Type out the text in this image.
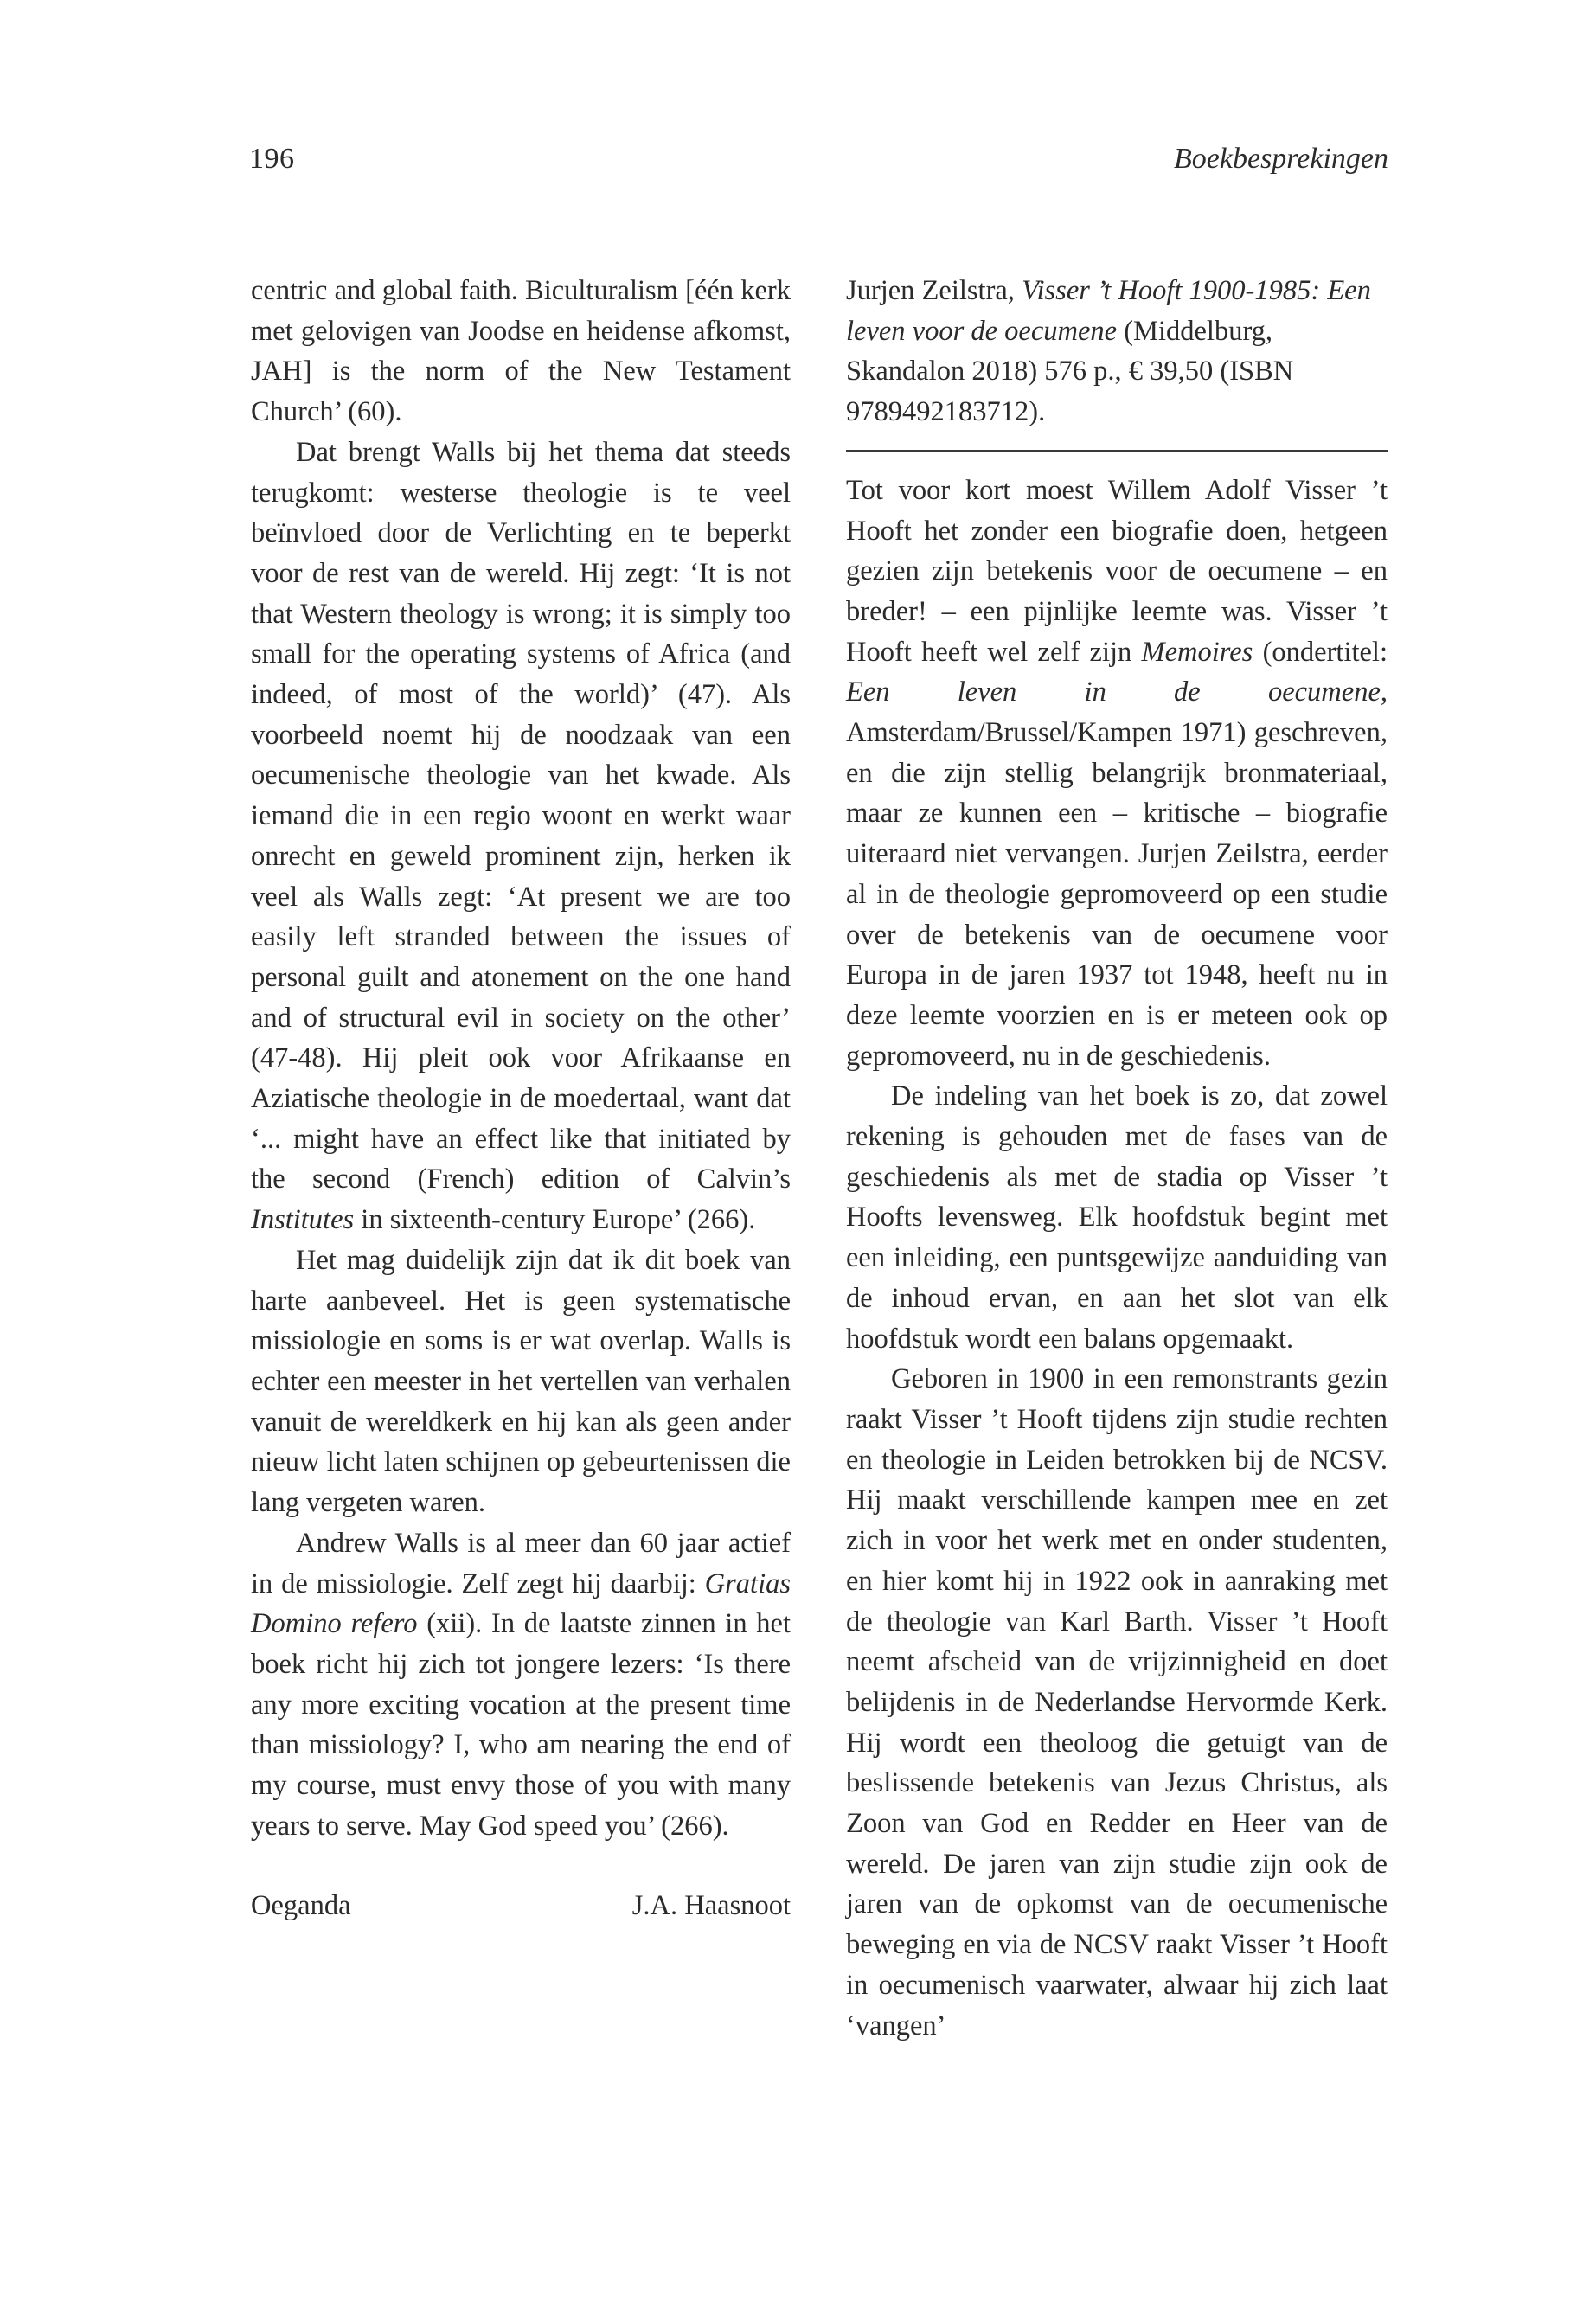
196	Boekbesprekingen

centric and global faith. Biculturalism [één kerk met gelovigen van Joodse en heidense afkomst, JAH] is the norm of the New Testament Church’ (60).

Dat brengt Walls bij het thema dat steeds terugkomt: westerse theologie is te veel beïnvloed door de Verlichting en te beperkt voor de rest van de wereld. Hij zegt: ‘It is not that Western theology is wrong; it is simply too small for the operating systems of Africa (and indeed, of most of the world)’ (47). Als voorbeeld noemt hij de noodzaak van een oecumenische theologie van het kwade. Als iemand die in een regio woont en werkt waar onrecht en geweld prominent zijn, herken ik veel als Walls zegt: ‘At present we are too easily left stranded between the issues of personal guilt and atonement on the one hand and of structural evil in society on the other’ (47-48). Hij pleit ook voor Afrikaanse en Aziatische theologie in de moedertaal, want dat ‘... might have an effect like that initiated by the second (French) edition of Calvin’s Institutes in sixteenth-century Europe’ (266).

Het mag duidelijk zijn dat ik dit boek van harte aanbeveel. Het is geen systematische missiologie en soms is er wat overlap. Walls is echter een meester in het vertellen van verhalen vanuit de wereldkerk en hij kan als geen ander nieuw licht laten schijnen op gebeurtenissen die lang vergeten waren.

Andrew Walls is al meer dan 60 jaar actief in de missiologie. Zelf zegt hij daarbij: Gratias Domino refero (xii). In de laatste zinnen in het boek richt hij zich tot jongere lezers: ‘Is there any more exciting vocation at the present time than missiology? I, who am nearing the end of my course, must envy those of you with many years to serve. May God speed you’ (266).

Oeganda	J.A. Haasnoot

Jurjen Zeilstra, Visser ’t Hooft 1900-1985: Een leven voor de oecumene (Middelburg, Skandalon 2018) 576 p., € 39,50 (ISBN 9789492183712).

Tot voor kort moest Willem Adolf Visser ’t Hooft het zonder een biografie doen, hetgeen gezien zijn betekenis voor de oecumene – en breder! – een pijnlijke leemte was. Visser ’t Hooft heeft wel zelf zijn Memoires (ondertitel: Een leven in de oecumene, Amsterdam/Brussel/Kampen 1971) geschreven, en die zijn stellig belangrijk bronmateriaal, maar ze kunnen een – kritische – biografie uiteraard niet vervangen. Jurjen Zeilstra, eerder al in de theologie gepromoveerd op een studie over de betekenis van de oecumene voor Europa in de jaren 1937 tot 1948, heeft nu in deze leemte voorzien en is er meteen ook op gepromoveerd, nu in de geschiedenis.

De indeling van het boek is zo, dat zowel rekening is gehouden met de fases van de geschiedenis als met de stadia op Visser ’t Hoofts levensweg. Elk hoofdstuk begint met een inleiding, een puntsgewijze aanduiding van de inhoud ervan, en aan het slot van elk hoofdstuk wordt een balans opgemaakt.

Geboren in 1900 in een remonstrants gezin raakt Visser ’t Hooft tijdens zijn studie rechten en theologie in Leiden betrokken bij de NCSV. Hij maakt verschillende kampen mee en zet zich in voor het werk met en onder studenten, en hier komt hij in 1922 ook in aanraking met de theologie van Karl Barth. Visser ’t Hooft neemt afscheid van de vrijzinnigheid en doet belijdenis in de Nederlandse Hervormde Kerk. Hij wordt een theoloog die getuigt van de beslissende betekenis van Jezus Christus, als Zoon van God en Redder en Heer van de wereld. De jaren van zijn studie zijn ook de jaren van de opkomst van de oecumenische beweging en via de NCSV raakt Visser ’t Hooft in oecumenisch vaarwater, alwaar hij zich laat ‘vangen’
